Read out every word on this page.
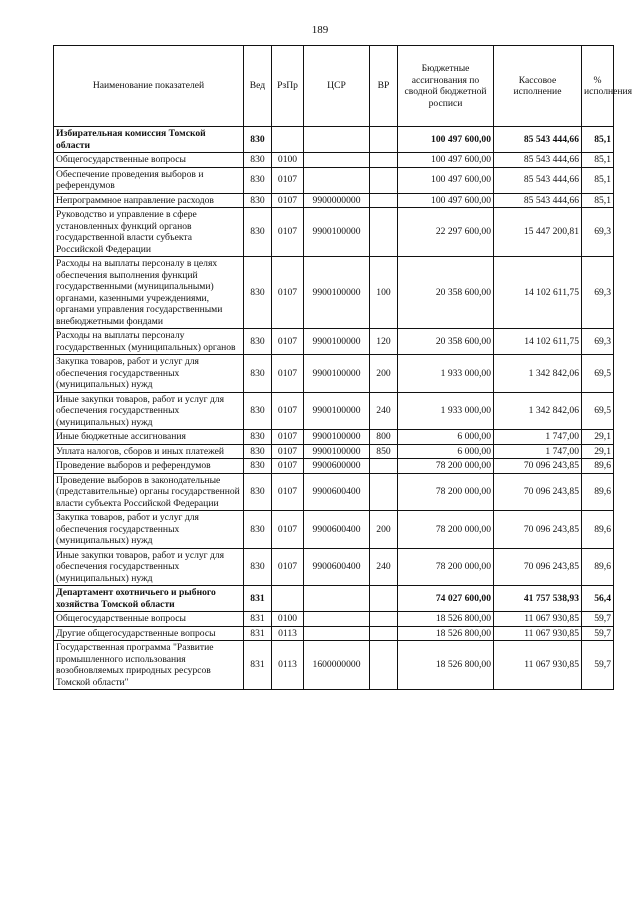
189
Наименование показателей	Вед	РзПр	ЦСР	ВР	Бюджетные ассигнования по сводной бюджетной росписи	Кассовое исполнение	% исполнения
Избирательная комиссия Томской области	830				100 497 600,00	85 543 444,66	85,1
Общегосударственные вопросы	830	0100			100 497 600,00	85 543 444,66	85,1
Обеспечение проведения выборов и референдумов	830	0107			100 497 600,00	85 543 444,66	85,1
Непрограммное направление расходов	830	0107	9900000000		100 497 600,00	85 543 444,66	85,1
Руководство и управление в сфере установленных функций органов государственной власти субъекта Российской Федерации	830	0107	9900100000		22 297 600,00	15 447 200,81	69,3
Расходы на выплаты персоналу в целях обеспечения выполнения функций государственными (муниципальными) органами, казенными учреждениями, органами управления государственными внебюджетными фондами	830	0107	9900100000	100	20 358 600,00	14 102 611,75	69,3
Расходы на выплаты персоналу государственных (муниципальных) органов	830	0107	9900100000	120	20 358 600,00	14 102 611,75	69,3
Закупка товаров, работ и услуг для обеспечения государственных (муниципальных) нужд	830	0107	9900100000	200	1 933 000,00	1 342 842,06	69,5
Иные закупки товаров, работ и услуг для обеспечения государственных (муниципальных) нужд	830	0107	9900100000	240	1 933 000,00	1 342 842,06	69,5
Иные бюджетные ассигнования	830	0107	9900100000	800	6 000,00	1 747,00	29,1
Уплата налогов, сборов и иных платежей	830	0107	9900100000	850	6 000,00	1 747,00	29,1
Проведение выборов и референдумов	830	0107	9900600000		78 200 000,00	70 096 243,85	89,6
Проведение выборов в законодательные (представительные) органы государственной власти субъекта Российской Федерации	830	0107	9900600400		78 200 000,00	70 096 243,85	89,6
Закупка товаров, работ и услуг для обеспечения государственных (муниципальных) нужд	830	0107	9900600400	200	78 200 000,00	70 096 243,85	89,6
Иные закупки товаров, работ и услуг для обеспечения государственных (муниципальных) нужд	830	0107	9900600400	240	78 200 000,00	70 096 243,85	89,6
Департамент охотничьего и рыбного хозяйства Томской области	831				74 027 600,00	41 757 538,93	56,4
Общегосударственные вопросы	831	0100			18 526 800,00	11 067 930,85	59,7
Другие общегосударственные вопросы	831	0113			18 526 800,00	11 067 930,85	59,7
Государственная программа "Развитие промышленного использования возобновляемых природных ресурсов Томской области"	831	0113	1600000000		18 526 800,00	11 067 930,85	59,7
